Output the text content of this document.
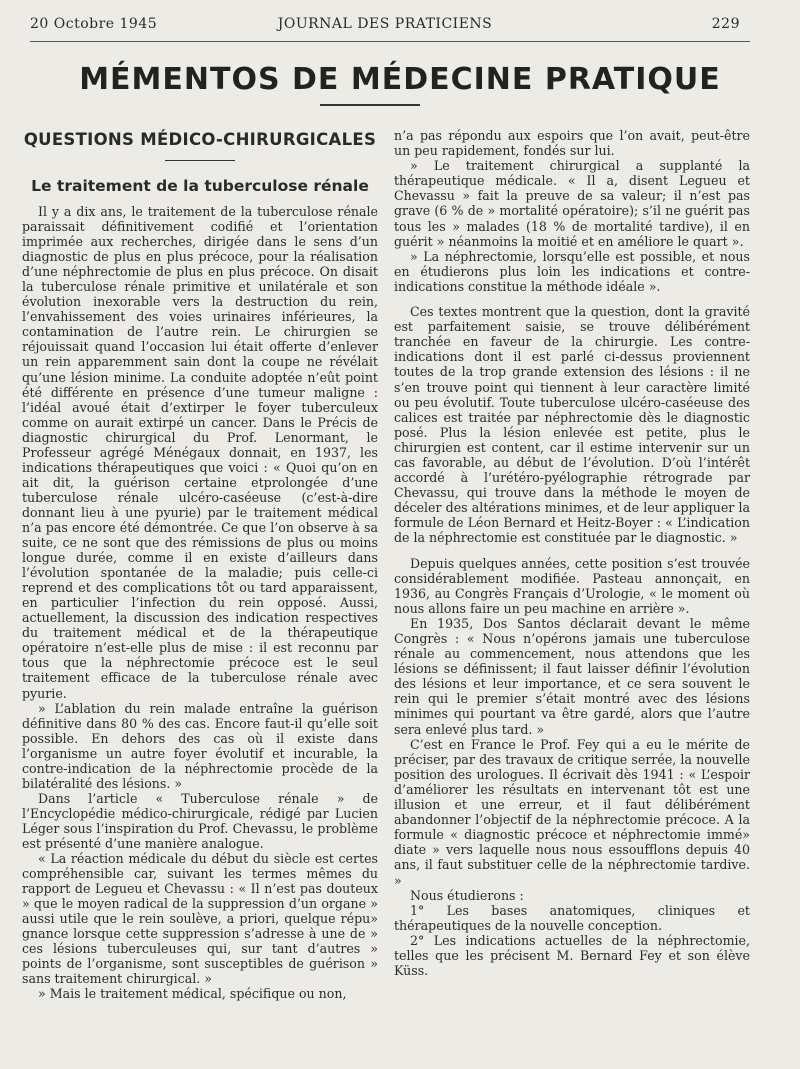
20 Octobre 1945	JOURNAL DES PRATICIENS	229
MÉMENTOS DE MÉDECINE PRATIQUE
QUESTIONS MÉDICO-CHIRURGICALES
Le traitement de la tuberculose rénale

Il y a dix ans, le traitement de la tuberculose rénale paraissait définitivement codifié et l’orientation imprimée aux recherches, dirigée dans le sens d’un diagnostic de plus en plus précoce, pour la réalisation d’une néphrectomie de plus en plus précoce. On disait la tuberculose rénale primitive et unilatérale et son évolution inexorable vers la destruction du rein, l’envahissement des voies urinaires inférieures, la contamination de l’autre rein. Le chirurgien se réjouissait quand l’occasion lui était offerte d’enlever un rein apparemment sain dont la coupe ne révélait qu’une lésion minime. La conduite adoptée n’eût point été différente en présence d’une tumeur maligne : l’idéal avoué était d’extirper le foyer tuberculeux comme on aurait extirpé un cancer. Dans le Précis de diagnostic chirurgical du Prof. Lenormant, le Professeur agrégé Ménégaux donnait, en 1937, les indications thérapeutiques que voici : « Quoi qu’on en ait dit, la guérison certaine etprolongée d’une tuberculose rénale ulcéro-caséeuse (c’est-à-dire donnant lieu à une pyurie) par le traitement médical n’a pas encore été démontrée. Ce que l’on observe à sa suite, ce ne sont que des rémissions de plus ou moins longue durée, comme il en existe d’ailleurs dans l’évolution spontanée de la maladie; puis celle-ci reprend et des complications tôt ou tard apparaissent, en particulier l’infection du rein opposé. Aussi, actuellement, la discussion des indication respectives du traitement médical et de la thérapeutique opératoire n’est-elle plus de mise : il est reconnu par tous que la néphrectomie précoce est le seul traitement efficace de la tuberculose rénale avec pyurie.

» L’ablation du rein malade entraîne la guérison définitive dans 80 % des cas. Encore faut-il qu’elle soit possible. En dehors des cas où il existe dans l’organisme un autre foyer évolutif et incurable, la contre-indication de la néphrectomie procède de la bilatéralité des lésions. »

Dans l’article « Tuberculose rénale » de l’Encyclopédie médico-chirurgicale, rédigé par Lucien Léger sous l’inspiration du Prof. Chevassu, le problème est présenté d’une manière analogue.

« La réaction médicale du début du siècle est certes compréhensible car, suivant les termes mêmes du rapport de Legueu et Chevassu : « Il n’est pas douteux » que le moyen radical de la suppression d’un organe » aussi utile que le rein soulève, a priori, quelque répu» gnance lorsque cette suppression s’adresse à une de » ces lésions tuberculeuses qui, sur tant d’autres » points de l’organisme, sont susceptibles de guérison » sans traitement chirurgical. »

» Mais le traitement médical, spécifique ou non,

n’a pas répondu aux espoirs que l’on avait, peut-être un peu rapidement, fondés sur lui.

» Le traitement chirurgical a supplanté la thérapeutique médicale. « Il a, disent Legueu et Chevassu » fait la preuve de sa valeur; il n’est pas grave (6 % de » mortalité opératoire); s’il ne guérit pas tous les » malades (18 % de mortalité tardive), il en guérit » néanmoins la moitié et en améliore le quart ».

» La néphrectomie, lorsqu’elle est possible, et nous en étudierons plus loin les indications et contre-indications constitue la méthode idéale ».

Ces textes montrent que la question, dont la gravité est parfaitement saisie, se trouve délibérément tranchée en faveur de la chirurgie. Les contre-indications dont il est parlé ci-dessus proviennent toutes de la trop grande extension des lésions : il ne s’en trouve point qui tiennent à leur caractère limité ou peu évolutif. Toute tuberculose ulcéro-caséeuse des calices est traitée par néphrectomie dès le diagnostic posé. Plus la lésion enlevée est petite, plus le chirurgien est content, car il estime intervenir sur un cas favorable, au début de l’évolution. D’où l’intérêt accordé à l’urétéro-pyélographie rétrograde par Chevassu, qui trouve dans la méthode le moyen de déceler des altérations minimes, et de leur appliquer la formule de Léon Bernard et Heitz-Boyer : « L’indication de la néphrectomie est constituée par le diagnostic. »

Depuis quelques années, cette position s’est trouvée considérablement modifiée. Pasteau annonçait, en 1936, au Congrès Français d’Urologie, « le moment où nous allons faire un peu machine en arrière ».

En 1935, Dos Santos déclarait devant le même Congrès : « Nous n’opérons jamais une tuberculose rénale au commencement, nous attendons que les lésions se définissent; il faut laisser définir l’évolution des lésions et leur importance, et ce sera souvent le rein qui le premier s’était montré avec des lésions minimes qui pourtant va être gardé, alors que l’autre sera enlevé plus tard. »

C’est en France le Prof. Fey qui a eu le mérite de préciser, par des travaux de critique serrée, la nouvelle position des urologues. Il écrivait dès 1941 : « L’espoir d’améliorer les résultats en intervenant tôt est une illusion et une erreur, et il faut délibérément abandonner l’objectif de la néphrectomie précoce. A la formule « diagnostic précoce et néphrectomie immé» diate » vers laquelle nous nous essoufflons depuis 40 ans, il faut substituer celle de la néphrectomie tardive. »

Nous étudierons :

1° Les bases anatomiques, cliniques et thérapeutiques de la nouvelle conception.

2° Les indications actuelles de la néphrectomie, telles que les précisent M. Bernard Fey et son élève Küss.
